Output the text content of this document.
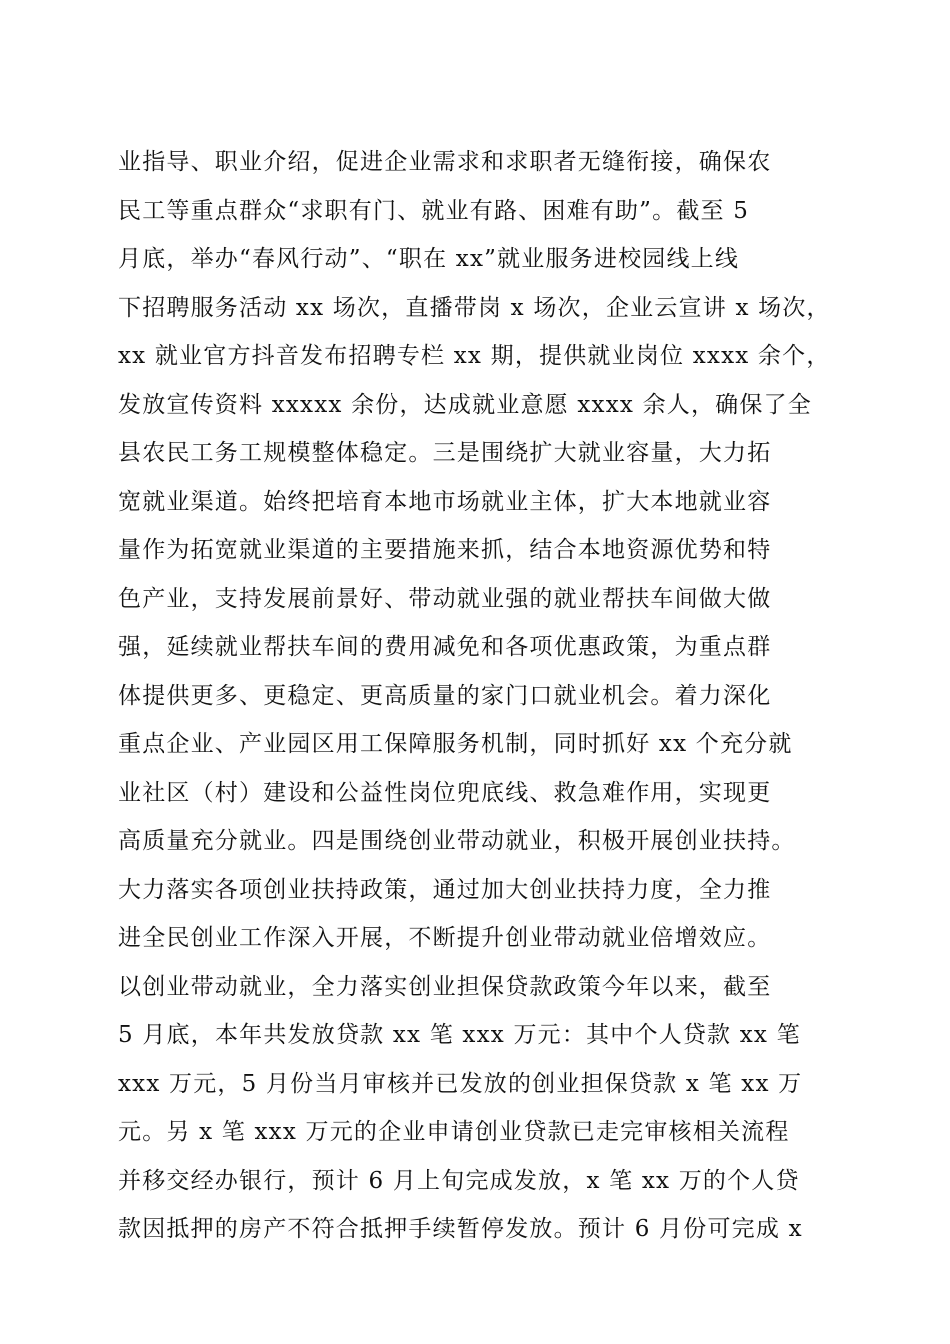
业指导、职业介绍，促进企业需求和求职者无缝衔接，确保农
民工等重点群众“求职有门、就业有路、困难有助”。截至 5
月底，举办“春风行动”、“职在 xx”就业服务进校园线上线
下招聘服务活动 xx 场次，直播带岗 x 场次，企业云宣讲 x 场次，
xx 就业官方抖音发布招聘专栏 xx 期，提供就业岗位 xxxx 余个，
发放宣传资料 xxxxx 余份，达成就业意愿 xxxx 余人，确保了全
县农民工务工规模整体稳定。三是围绕扩大就业容量，大力拓
宽就业渠道。始终把培育本地市场就业主体，扩大本地就业容
量作为拓宽就业渠道的主要措施来抓，结合本地资源优势和特
色产业，支持发展前景好、带动就业强的就业帮扶车间做大做
强，延续就业帮扶车间的费用减免和各项优惠政策，为重点群
体提供更多、更稳定、更高质量的家门口就业机会。着力深化
重点企业、产业园区用工保障服务机制，同时抓好 xx 个充分就
业社区（村）建设和公益性岗位兜底线、救急难作用，实现更
高质量充分就业。四是围绕创业带动就业，积极开展创业扶持。
大力落实各项创业扶持政策，通过加大创业扶持力度，全力推
进全民创业工作深入开展，不断提升创业带动就业倍增效应。
以创业带动就业，全力落实创业担保贷款政策今年以来，截至
5 月底，本年共发放贷款 xx 笔 xxx 万元：其中个人贷款 xx 笔
xxx 万元，5 月份当月审核并已发放的创业担保贷款 x 笔 xx 万
元。另 x 笔 xxx 万元的企业申请创业贷款已走完审核相关流程
并移交经办银行，预计 6 月上旬完成发放，x 笔 xx 万的个人贷
款因抵押的房产不符合抵押手续暂停发放。预计 6 月份可完成 x
